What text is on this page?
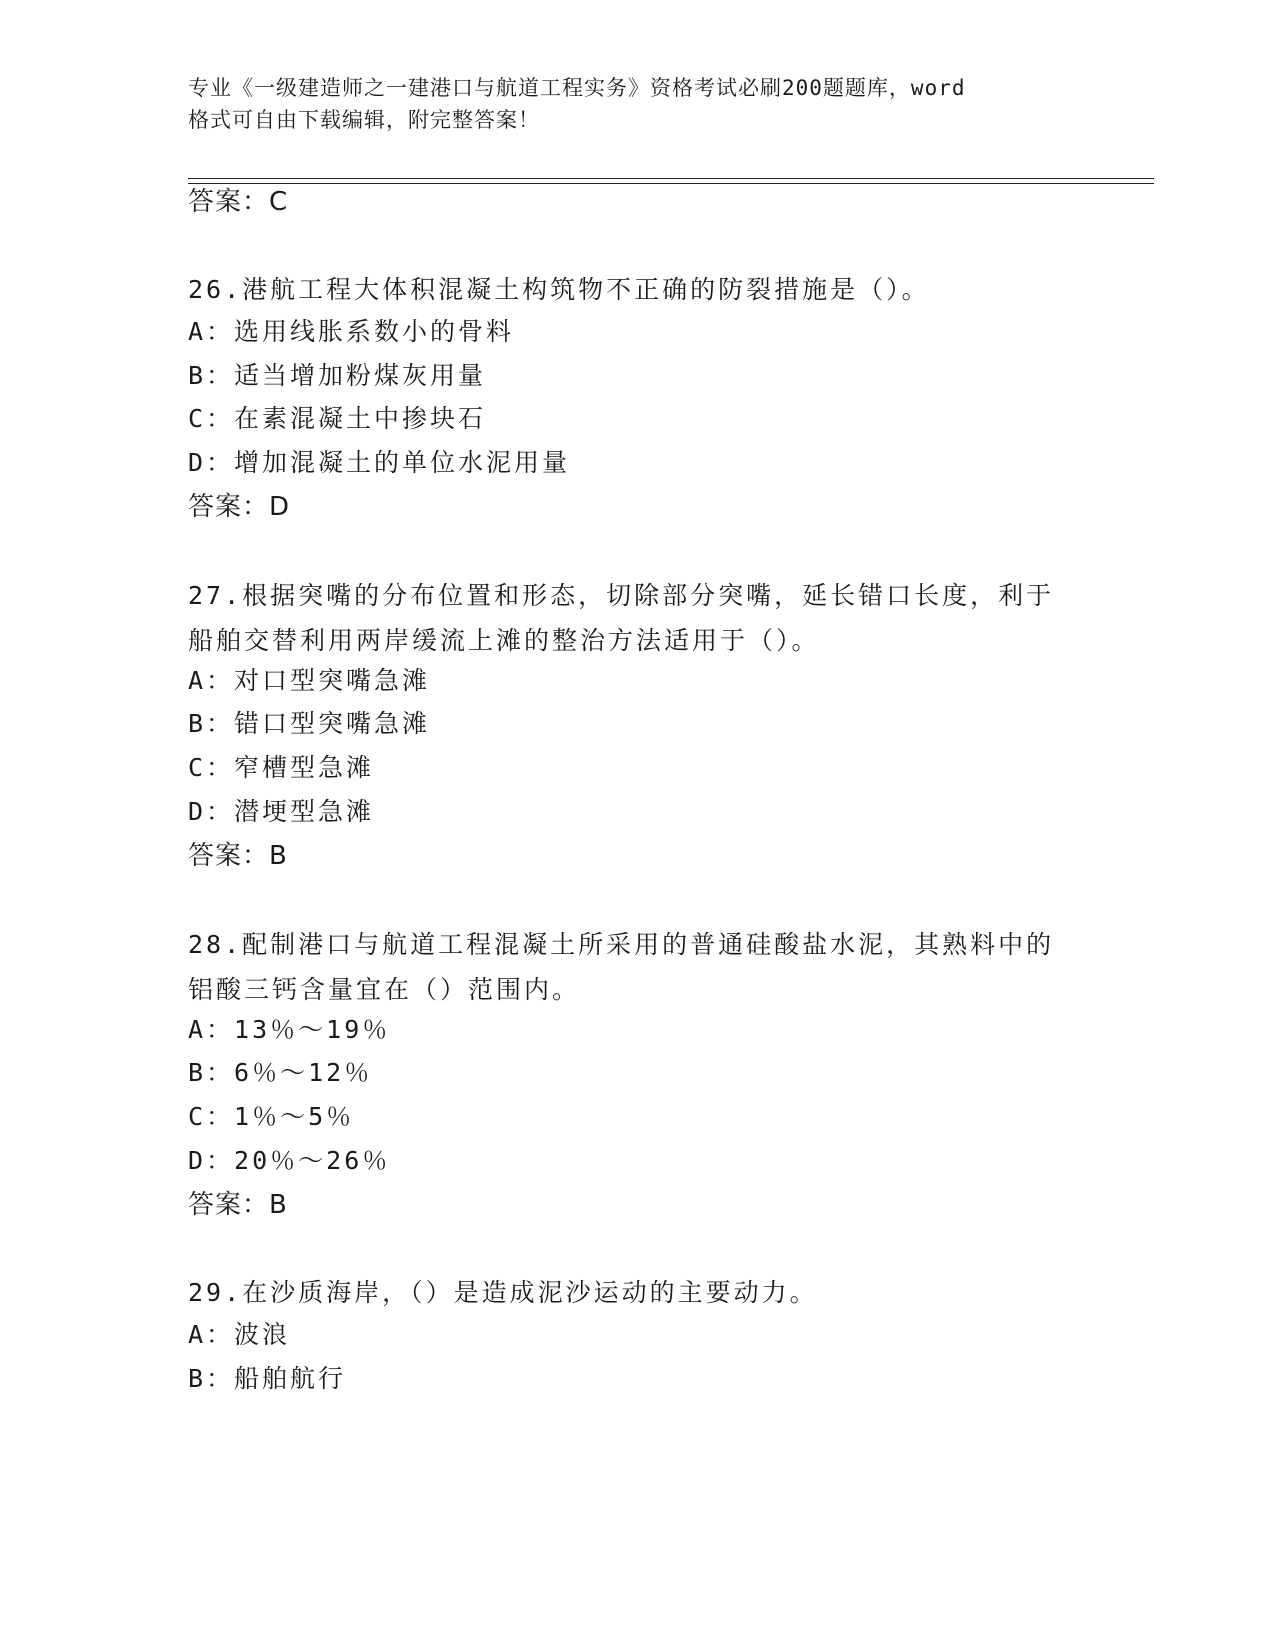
专业《一级建造师之一建港口与航道工程实务》资格考试必刷200题题库，word
格式可自由下载编辑，附完整答案！
答案：C
26.港航工程大体积混凝土构筑物不正确的防裂措施是（）。
A：选用线胀系数小的骨料
B：适当增加粉煤灰用量
C：在素混凝土中掺块石
D：增加混凝土的单位水泥用量
答案：D
27.根据突嘴的分布位置和形态，切除部分突嘴，延长错口长度，利于
船舶交替利用两岸缓流上滩的整治方法适用于（）。
A：对口型突嘴急滩
B：错口型突嘴急滩
C：窄槽型急滩
D：潜埂型急滩
答案：B
28.配制港口与航道工程混凝土所采用的普通硅酸盐水泥，其熟料中的
铝酸三钙含量宜在（）范围内。
A：13％～19％
B：6％～12％
C：1％～5％
D：20％～26％
答案：B
29.在沙质海岸，（）是造成泥沙运动的主要动力。
A：波浪
B：船舶航行
